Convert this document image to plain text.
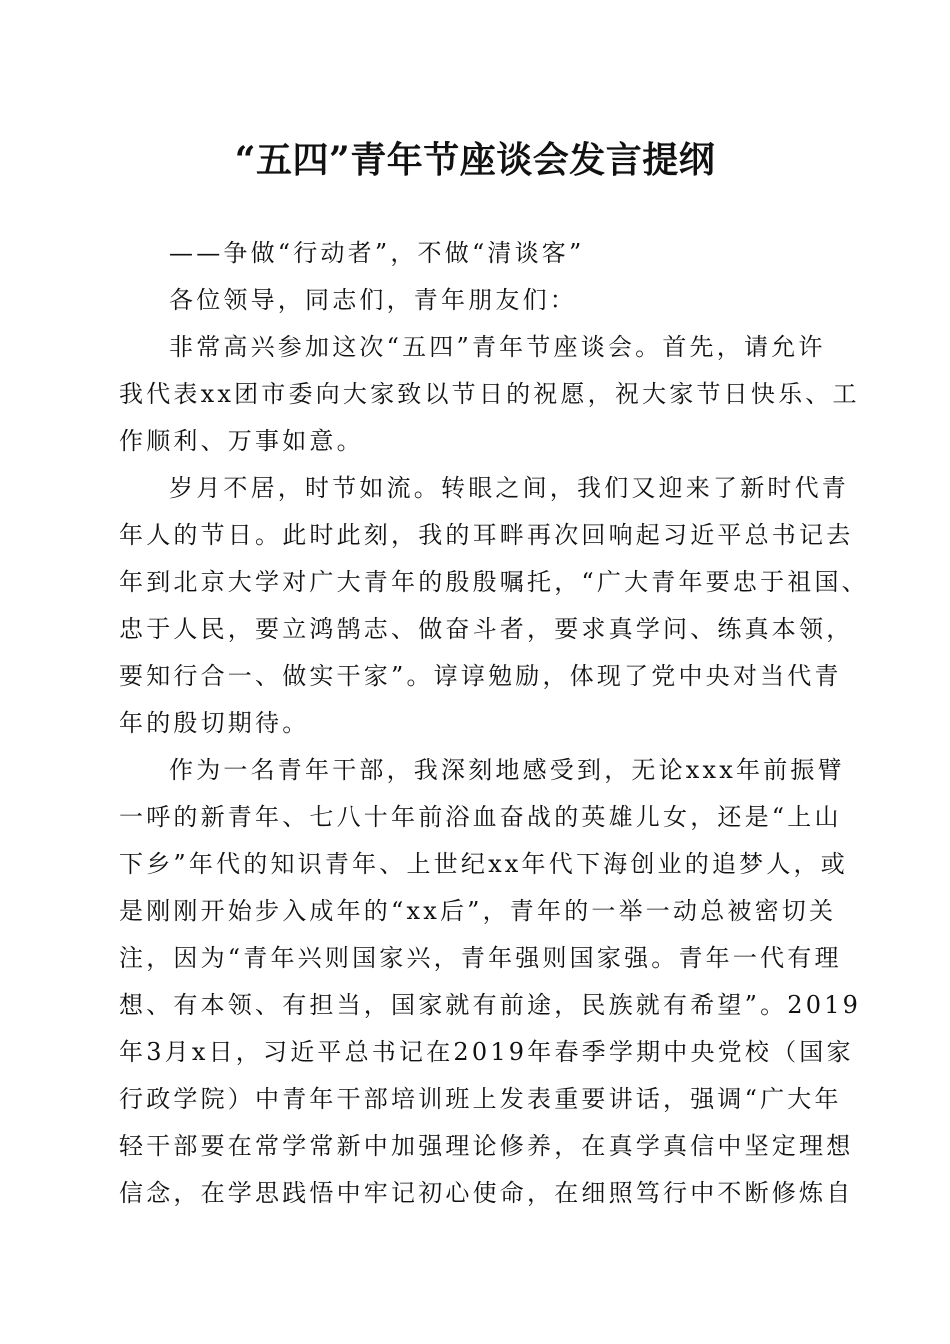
“五四”青年节座谈会发言提纲

——争做“行动者”，不做“清谈客”

各位领导，同志们，青年朋友们：

非常高兴参加这次“五四”青年节座谈会。首先，请允许

我代表xx团市委向大家致以节日的祝愿，祝大家节日快乐、工

作顺利、万事如意。

岁月不居，时节如流。转眼之间，我们又迎来了新时代青

年人的节日。此时此刻，我的耳畔再次回响起习近平总书记去

年到北京大学对广大青年的殷殷嘱托，“广大青年要忠于祖国、

忠于人民，要立鸿鹄志、做奋斗者，要求真学问、练真本领，

要知行合一、做实干家”。谆谆勉励，体现了党中央对当代青

年的殷切期待。

作为一名青年干部，我深刻地感受到，无论xxx年前振臂

一呼的新青年、七八十年前浴血奋战的英雄儿女，还是“上山

下乡”年代的知识青年、上世纪xx年代下海创业的追梦人，或

是刚刚开始步入成年的“xx后”，青年的一举一动总被密切关

注，因为“青年兴则国家兴，青年强则国家强。青年一代有理

想、有本领、有担当，国家就有前途，民族就有希望”。2019

年3月x日，习近平总书记在2019年春季学期中央党校（国家

行政学院）中青年干部培训班上发表重要讲话，强调“广大年

轻干部要在常学常新中加强理论修养，在真学真信中坚定理想

信念，在学思践悟中牢记初心使命，在细照笃行中不断修炼自
